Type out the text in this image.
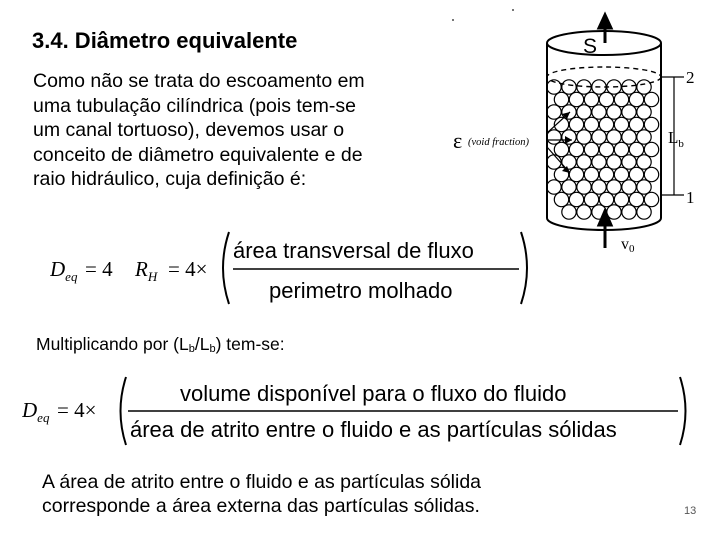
3.4. Diâmetro equivalente
Como não se trata do escoamento em
uma tubulação cilíndrica (pois tem-se
um canal tortuoso), devemos usar o
conceito de diâmetro equivalente e de
raio hidráulico, cuja definição é:
S
2
$L_b$
1
ε (void fraction)
v0
$D_{eq} = 4$ $R_H = 4\times$
área transversal de fluxo
perimetro molhado
Multiplicando por $(L_b/L_b)$ tem-se:
$D_{eq} = 4\times$
volume disponível para o fluxo do fluido
área de atrito entre o fluido e as partículas sólidas
A área de atrito entre o fluido e as partículas sólida
corresponde a área externa das partículas sólidas.	13
